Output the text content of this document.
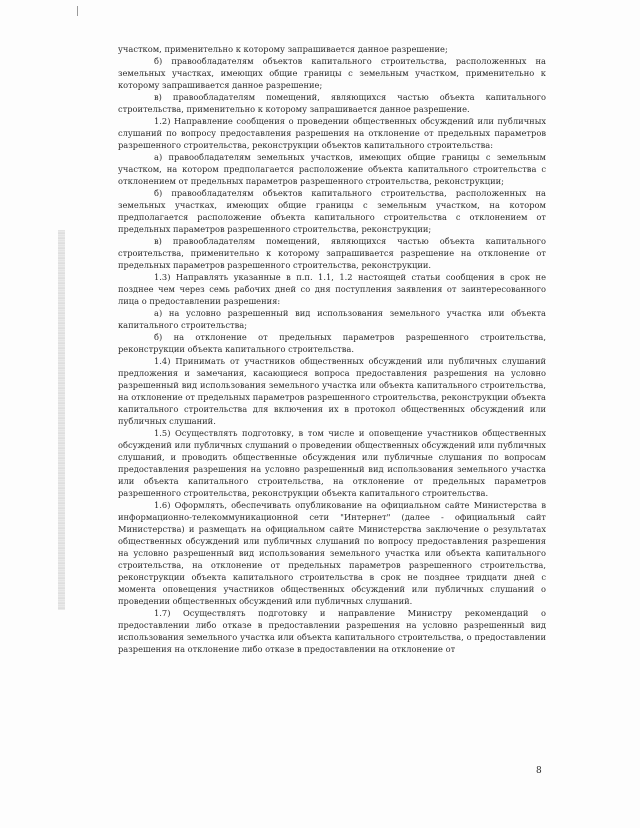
участком, применительно к которому запрашивается данное разрешение;

б) правообладателям объектов капитального строительства, расположенных на земельных участках, имеющих общие границы с земельным участком, применительно к которому запрашивается данное разрешение;

в) правообладателям помещений, являющихся частью объекта капитального строительства, применительно к которому запрашивается данное разрешение.

1.2) Направление сообщения о проведении общественных обсуждений или публичных слушаний по вопросу предоставления разрешения на отклонение от предельных параметров разрешенного строительства, реконструкции объектов капитального строительства:

а) правообладателям земельных участков, имеющих общие границы с земельным участком, на котором предполагается расположение объекта капитального строительства с отклонением от предельных параметров разрешенного строительства, реконструкции;

б) правообладателям объектов капитального строительства, расположенных на земельных участках, имеющих общие границы с земельным участком, на котором предполагается расположение объекта капитального строительства с отклонением от предельных параметров разрешенного строительства, реконструкции;

в) правообладателям помещений, являющихся частью объекта капитального строительства, применительно к которому запрашивается разрешение на отклонение от предельных параметров разрешенного строительства, реконструкции.

1.3) Направлять указанные в п.п. 1.1, 1.2 настоящей статьи сообщения в срок не позднее чем через семь рабочих дней со дня поступления заявления от заинтересованного лица о предоставлении разрешения:

а) на условно разрешенный вид использования земельного участка или объекта капитального строительства;

б) на отклонение от предельных параметров разрешенного строительства, реконструкции объекта капитального строительства.

1.4) Принимать от участников общественных обсуждений или публичных слушаний предложения и замечания, касающиеся вопроса предоставления разрешения на условно разрешенный вид использования земельного участка или объекта капитального строительства, на отклонение от предельных параметров разрешенного строительства, реконструкции объекта капитального строительства для включения их в протокол общественных обсуждений или публичных слушаний.

1.5) Осуществлять подготовку, в том числе и оповещение участников общественных обсуждений или публичных слушаний о проведении общественных обсуждений или публичных слушаний, и проводить общественные обсуждения или публичные слушания по вопросам предоставления разрешения на условно разрешенный вид использования земельного участка или объекта капитального строительства, на отклонение от предельных параметров разрешенного строительства, реконструкции объекта капитального строительства.

1.6) Оформлять, обеспечивать опубликование на официальном сайте Министерства в информационно-телекоммуникационной сети "Интернет" (далее - официальный сайт Министерства) и размещать на официальном сайте Министерства заключение о результатах общественных обсуждений или публичных слушаний по вопросу предоставления разрешения на условно разрешенный вид использования земельного участка или объекта капитального строительства, на отклонение от предельных параметров разрешенного строительства, реконструкции объекта капитального строительства в срок не позднее тридцати дней с момента оповещения участников общественных обсуждений или публичных слушаний о проведении общественных обсуждений или публичных слушаний.

1.7) Осуществлять подготовку и направление Министру рекомендаций о предоставлении либо отказе в предоставлении разрешения на условно разрешенный вид использования земельного участка или объекта капитального строительства, о предоставлении разрешения на отклонение либо отказе в предоставлении на отклонение от

8
